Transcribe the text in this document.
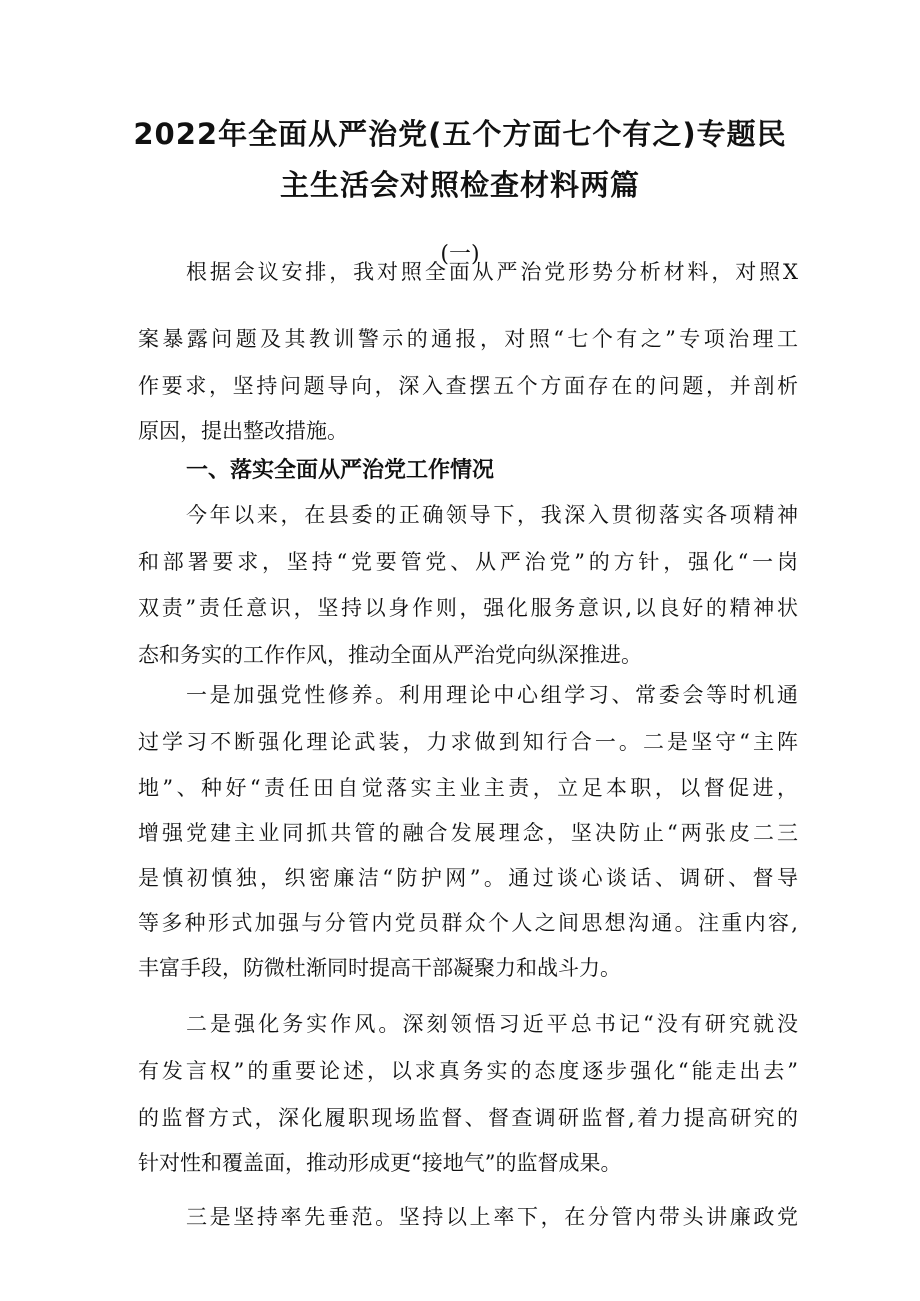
2022年全面从严治党(五个方面七个有之)专题民
主生活会对照检查材料两篇
(一)
根据会议安排，我对照全面从严治党形势分析材料，对照X
案暴露问题及其教训警示的通报，对照“七个有之”专项治理工
作要求，坚持问题导向，深入查摆五个方面存在的问题，并剖析
原因，提出整改措施。
一、落实全面从严治党工作情况
今年以来，在县委的正确领导下，我深入贯彻落实各项精神
和部署要求，坚持“党要管党、从严治党”的方针，强化“一岗
双责”责任意识，坚持以身作则，强化服务意识,以良好的精神状
态和务实的工作作风，推动全面从严治党向纵深推进。
一是加强党性修养。利用理论中心组学习、常委会等时机通
过学习不断强化理论武装，力求做到知行合一。二是坚守“主阵
地”、种好“责任田自觉落实主业主责，立足本职，以督促进，
增强党建主业同抓共管的融合发展理念，坚决防止“两张皮二三
是慎初慎独，织密廉洁“防护网”。通过谈心谈话、调研、督导
等多种形式加强与分管内党员群众个人之间思想沟通。注重内容,
丰富手段，防微杜渐同时提高干部凝聚力和战斗力。
二是强化务实作风。深刻领悟习近平总书记“没有研究就没
有发言权”的重要论述，以求真务实的态度逐步强化“能走出去”
的监督方式，深化履职现场监督、督查调研监督,着力提高研究的
针对性和覆盖面，推动形成更“接地气”的监督成果。
三是坚持率先垂范。坚持以上率下，在分管内带头讲廉政党
